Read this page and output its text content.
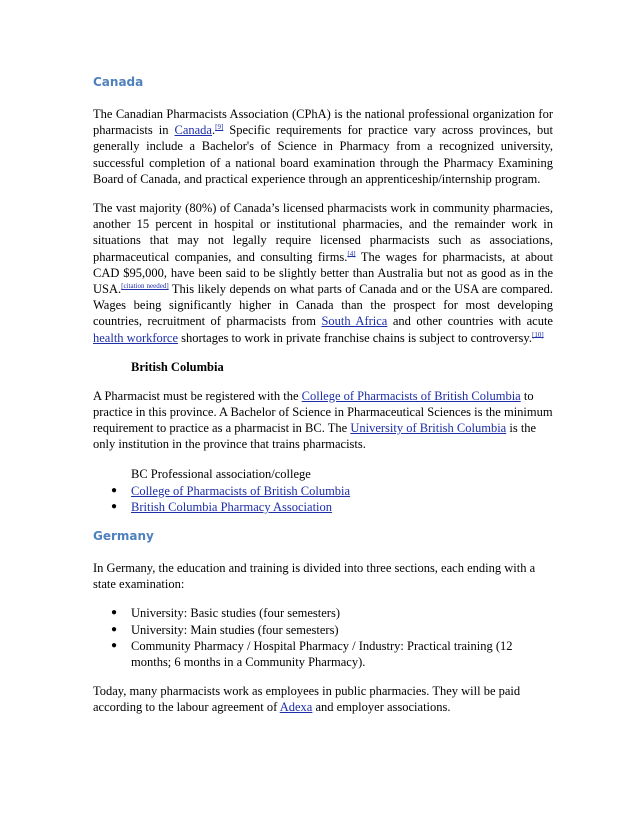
Canada

The Canadian Pharmacists Association (CPhA) is the national professional organization for pharmacists in Canada.[9] Specific requirements for practice vary across provinces, but generally include a Bachelor's of Science in Pharmacy from a recognized university, successful completion of a national board examination through the Pharmacy Examining Board of Canada, and practical experience through an apprenticeship/internship program.

The vast majority (80%) of Canada’s licensed pharmacists work in community pharmacies, another 15 percent in hospital or institutional pharmacies, and the remainder work in situations that may not legally require licensed pharmacists such as associations, pharmaceutical companies, and consulting firms.[4] The wages for pharmacists, at about CAD $95,000, have been said to be slightly better than Australia but not as good as in the USA.[citation needed] This likely depends on what parts of Canada and or the USA are compared. Wages being significantly higher in Canada than the prospect for most developing countries, recruitment of pharmacists from South Africa and other countries with acute health workforce shortages to work in private franchise chains is subject to controversy.[10]

British Columbia

A Pharmacist must be registered with the College of Pharmacists of British Columbia to practice in this province. A Bachelor of Science in Pharmaceutical Sciences is the minimum requirement to practice as a pharmacist in BC. The University of British Columbia is the only institution in the province that trains pharmacists.

BC Professional association/college
● College of Pharmacists of British Columbia
● British Columbia Pharmacy Association
Germany

In Germany, the education and training is divided into three sections, each ending with a state examination:

● University: Basic studies (four semesters)
● University: Main studies (four semesters)
● Community Pharmacy / Hospital Pharmacy / Industry: Practical training (12 months; 6 months in a Community Pharmacy).

Today, many pharmacists work as employees in public pharmacies. They will be paid according to the labour agreement of Adexa and employer associations.
